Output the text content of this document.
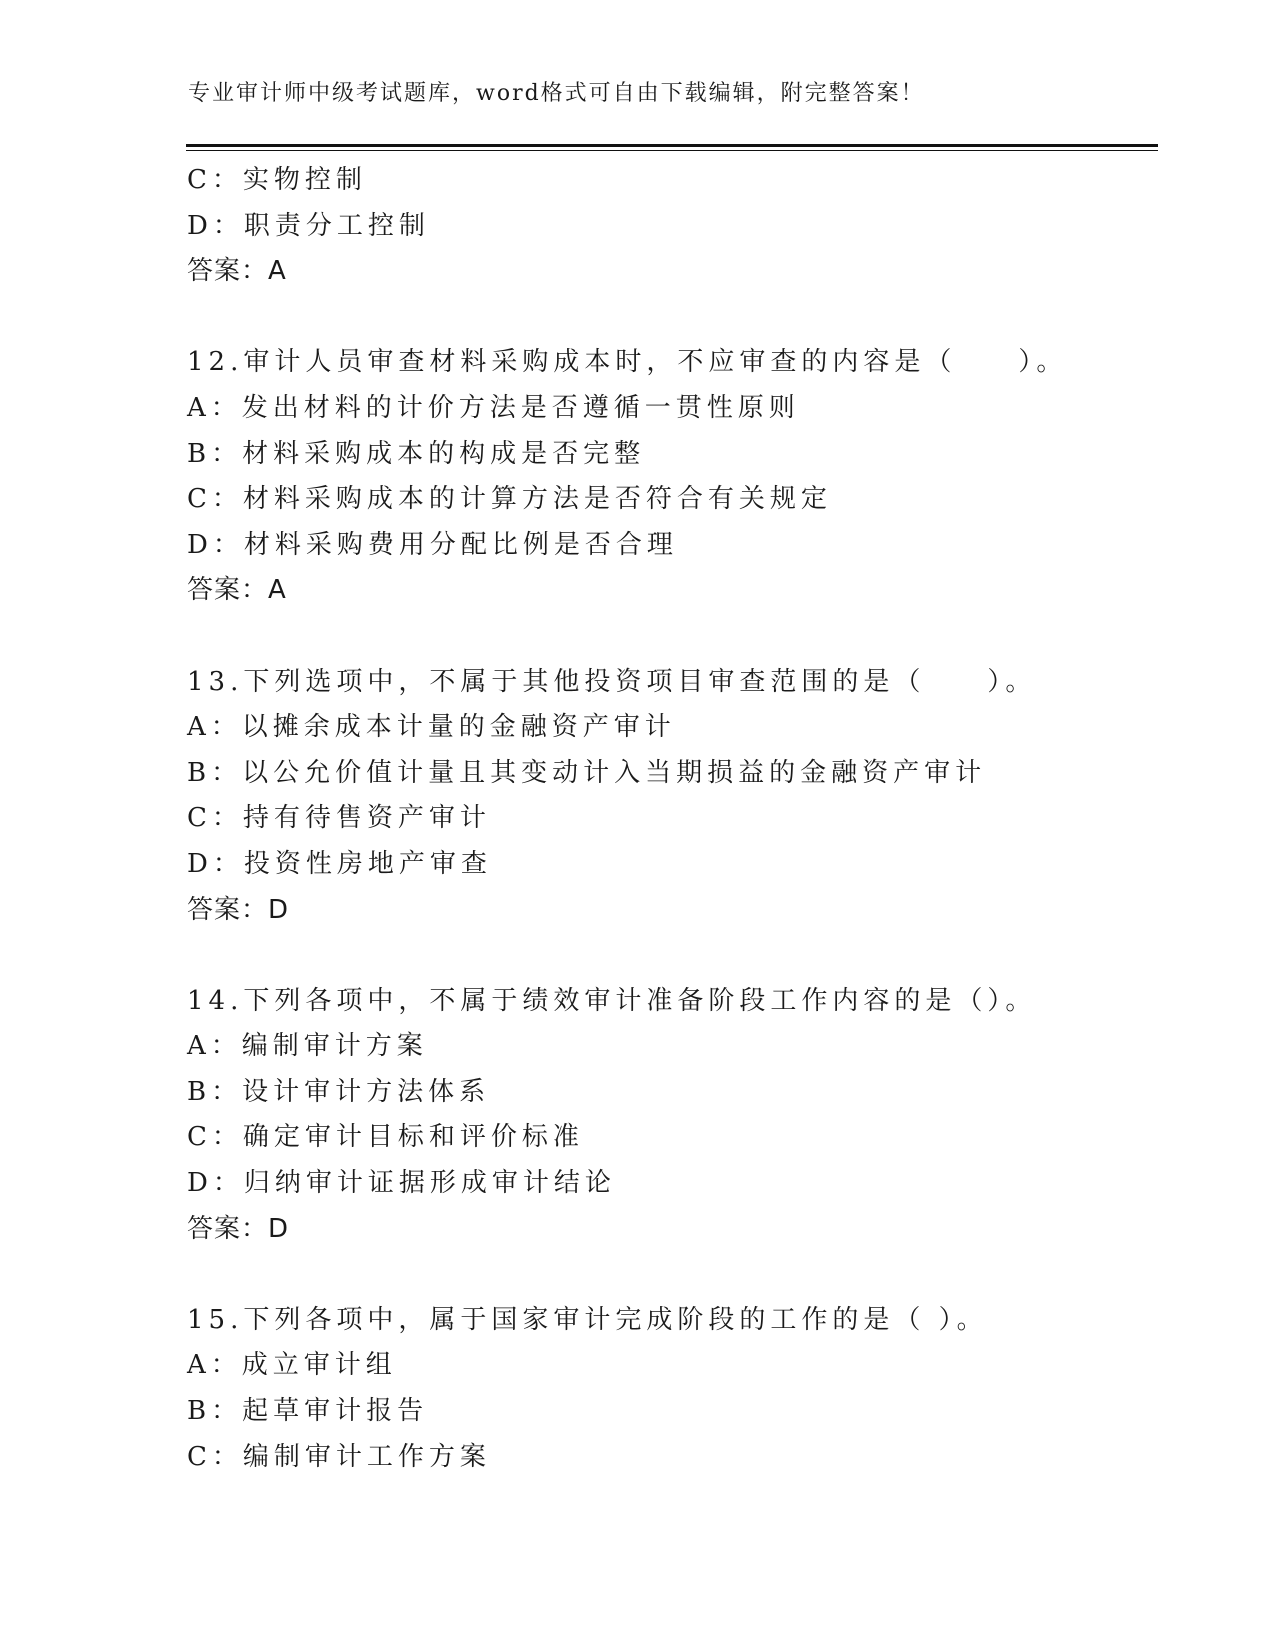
专业审计师中级考试题库，word格式可自由下载编辑，附完整答案！
C：实物控制
D：职责分工控制
答案：A
12.审计人员审查材料采购成本时，不应审查的内容是（　　）。
A：发出材料的计价方法是否遵循一贯性原则
B：材料采购成本的构成是否完整
C：材料采购成本的计算方法是否符合有关规定
D：材料采购费用分配比例是否合理
答案：A
13.下列选项中，不属于其他投资项目审查范围的是（　　）。
A：以摊余成本计量的金融资产审计
B：以公允价值计量且其变动计入当期损益的金融资产审计
C：持有待售资产审计
D：投资性房地产审查
答案：D
14.下列各项中，不属于绩效审计准备阶段工作内容的是（）。
A：编制审计方案
B：设计审计方法体系
C：确定审计目标和评价标准
D：归纳审计证据形成审计结论
答案：D
15.下列各项中，属于国家审计完成阶段的工作的是（ ）。
A：成立审计组
B：起草审计报告
C：编制审计工作方案
